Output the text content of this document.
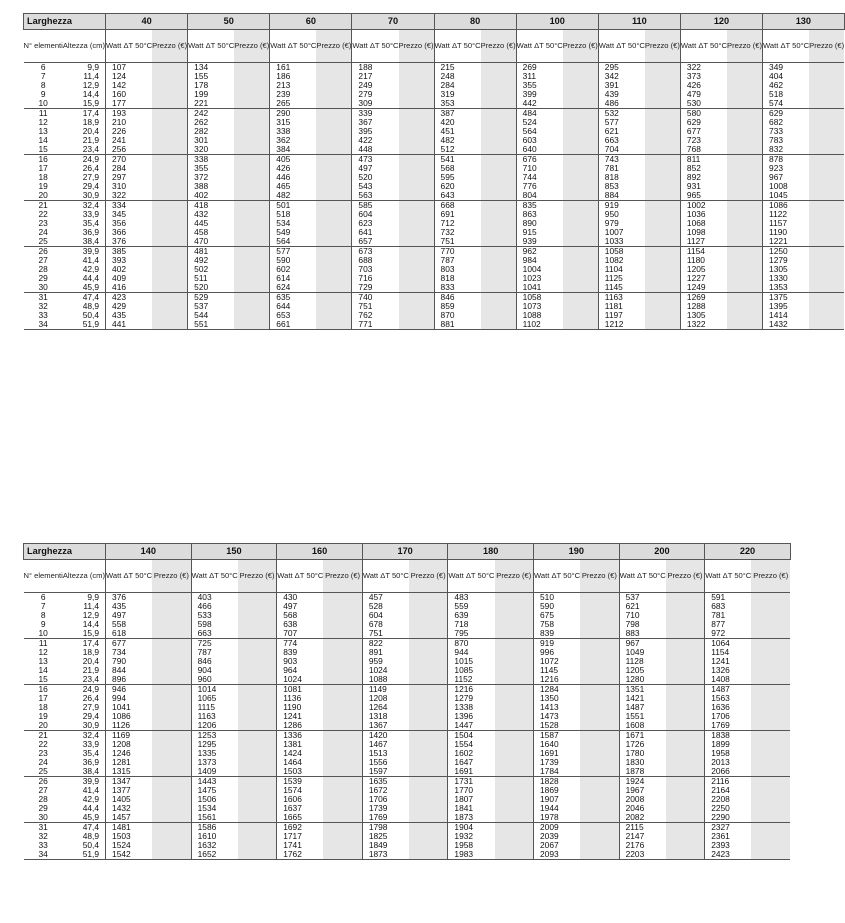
Larghezza		40		50		60		70		80		100		110		120		130	
N° elementi	Altezza (cm)	Watt ΔT 50°C	Prezzo (€)	Watt ΔT 50°C	Prezzo (€)	Watt ΔT 50°C	Prezzo (€)	Watt ΔT 50°C	Prezzo (€)	Watt ΔT 50°C	Prezzo (€)	Watt ΔT 50°C	Prezzo (€)	Watt ΔT 50°C	Prezzo (€)	Watt ΔT 50°C	Prezzo (€)	Watt ΔT 50°C	Prezzo (€)
6	9,9	107		134		161		188		215		269		295		322		349	
7	11,4	124		155		186		217		248		311		342		373		404	
8	12,9	142		178		213		249		284		355		391		426		462	
9	14,4	160		199		239		279		319		399		439		479		518	
10	15,9	177		221		265		309		353		442		486		530		574	
11	17,4	193		242		290		339		387		484		532		580		629	
12	18,9	210		262		315		367		420		524		577		629		682	
13	20,4	226		282		338		395		451		564		621		677		733	
14	21,9	241		301		362		422		482		603		663		723		783	
15	23,4	256		320		384		448		512		640		704		768		832	
16	24,9	270		338		405		473		541		676		743		811		878	
17	26,4	284		355		426		497		568		710		781		852		923	
18	27,9	297		372		446		520		595		744		818		892		967	
19	29,4	310		388		465		543		620		776		853		931		1008	
20	30,9	322		402		482		563		643		804		884		965		1045	
21	32,4	334		418		501		585		668		835		919		1002		1086	
22	33,9	345		432		518		604		691		863		950		1036		1122	
23	35,4	356		445		534		623		712		890		979		1068		1157	
24	36,9	366		458		549		641		732		915		1007		1098		1190	
25	38,4	376		470		564		657		751		939		1033		1127		1221	
26	39,9	385		481		577		673		770		962		1058		1154		1250	
27	41,4	393		492		590		688		787		984		1082		1180		1279	
28	42,9	402		502		602		703		803		1004		1104		1205		1305	
29	44,4	409		511		614		716		818		1023		1125		1227		1330	
30	45,9	416		520		624		729		833		1041		1145		1249		1353	
31	47,4	423		529		635		740		846		1058		1163		1269		1375	
32	48,9	429		537		644		751		859		1073		1181		1288		1395	
33	50,4	435		544		653		762		870		1088		1197		1305		1414	
34	51,9	441		551		661		771		881		1102		1212		1322		1432	
Larghezza		140		150		160		170		180		190		200		220	
N° elementi	Altezza (cm)	Watt ΔT 50°C	Prezzo (€)	Watt ΔT 50°C	Prezzo (€)	Watt ΔT 50°C	Prezzo (€)	Watt ΔT 50°C	Prezzo (€)	Watt ΔT 50°C	Prezzo (€)	Watt ΔT 50°C	Prezzo (€)	Watt ΔT 50°C	Prezzo (€)	Watt ΔT 50°C	Prezzo (€)
6	9,9	376		403		430		457		483		510		537		591	
7	11,4	435		466		497		528		559		590		621		683	
8	12,9	497		533		568		604		639		675		710		781	
9	14,4	558		598		638		678		718		758		798		877	
10	15,9	618		663		707		751		795		839		883		972	
11	17,4	677		725		774		822		870		919		967		1064	
12	18,9	734		787		839		891		944		996		1049		1154	
13	20,4	790		846		903		959		1015		1072		1128		1241	
14	21,9	844		904		964		1024		1085		1145		1205		1326	
15	23,4	896		960		1024		1088		1152		1216		1280		1408	
16	24,9	946		1014		1081		1149		1216		1284		1351		1487	
17	26,4	994		1065		1136		1208		1279		1350		1421		1563	
18	27,9	1041		1115		1190		1264		1338		1413		1487		1636	
19	29,4	1086		1163		1241		1318		1396		1473		1551		1706	
20	30,9	1126		1206		1286		1367		1447		1528		1608		1769	
21	32,4	1169		1253		1336		1420		1504		1587		1671		1838	
22	33,9	1208		1295		1381		1467		1554		1640		1726		1899	
23	35,4	1246		1335		1424		1513		1602		1691		1780		1958	
24	36,9	1281		1373		1464		1556		1647		1739		1830		2013	
25	38,4	1315		1409		1503		1597		1691		1784		1878		2066	
26	39,9	1347		1443		1539		1635		1731		1828		1924		2116	
27	41,4	1377		1475		1574		1672		1770		1869		1967		2164	
28	42,9	1405		1506		1606		1706		1807		1907		2008		2208	
29	44,4	1432		1534		1637		1739		1841		1944		2046		2250	
30	45,9	1457		1561		1665		1769		1873		1978		2082		2290	
31	47,4	1481		1586		1692		1798		1904		2009		2115		2327	
32	48,9	1503		1610		1717		1825		1932		2039		2147		2361	
33	50,4	1524		1632		1741		1849		1958		2067		2176		2393	
34	51,9	1542		1652		1762		1873		1983		2093		2203		2423	
